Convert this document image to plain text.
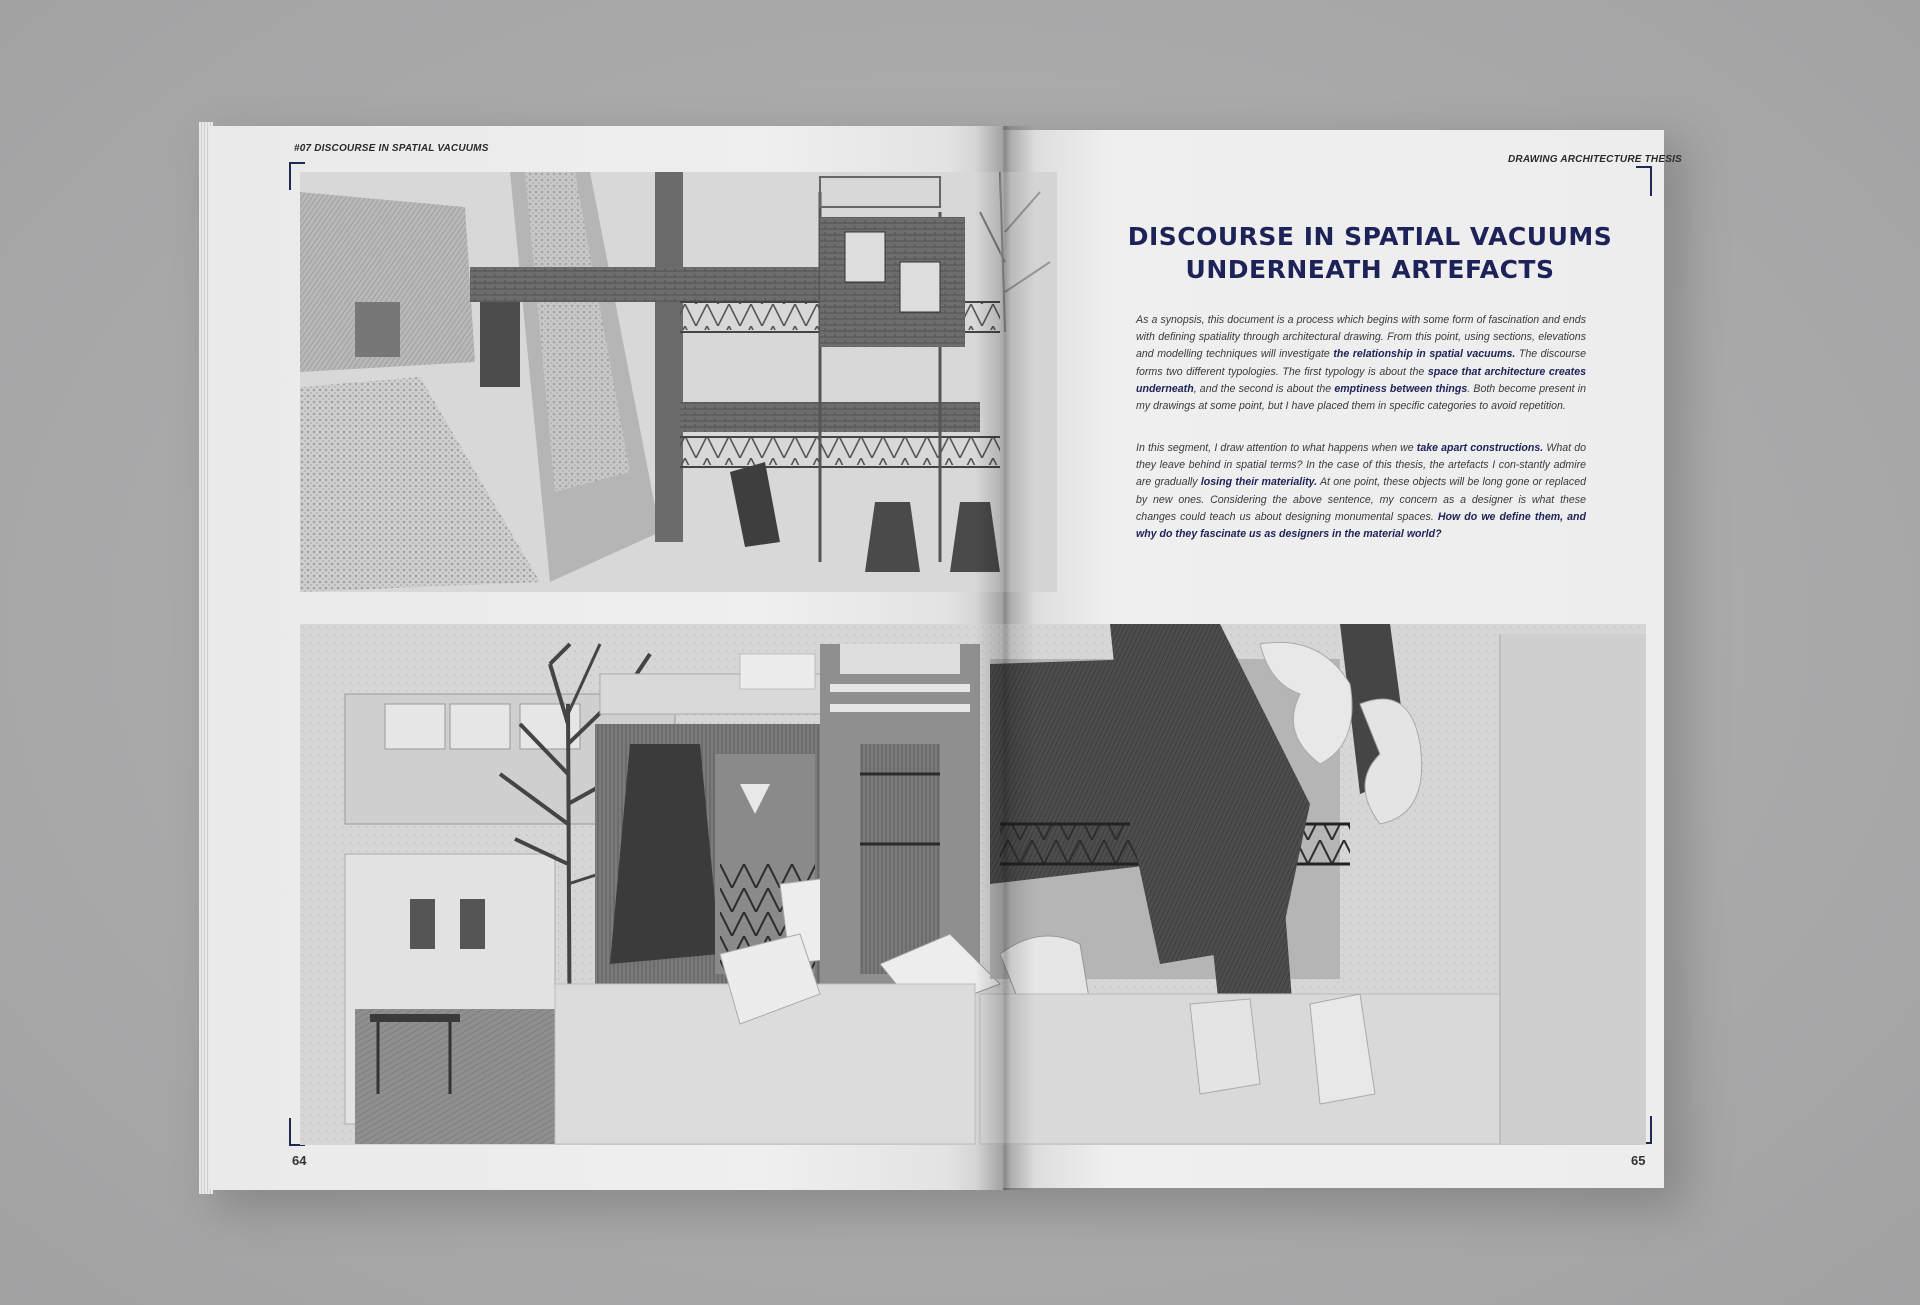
#07 DISCOURSE IN SPATIAL VACUUMS
DRAWING ARCHITECTURE THESIS
64	65
DISCOURSE IN SPATIAL VACUUMS
UNDERNEATH ARTEFACTS
As a synopsis, this document is a process which begins with some form of fascination and ends with defining spatiality through architectural drawing. From this point, using sections, elevations and modelling techniques will investigate the relationship in spatial vacuums. The discourse forms two different typologies. The first typology is about the space that architecture creates underneath, and the second is about the emptiness between things. Both become present in my drawings at some point, but I have placed them in specific categories to avoid repetition.
In this segment, I draw attention to what happens when we take apart constructions. What do they leave behind in spatial terms? In the case of this thesis, the artefacts I con-stantly admire are gradually losing their materiality. At one point, these objects will be long gone or replaced by new ones. Considering the above sentence, my concern as a designer is what these changes could teach us about designing monumental spaces. How do we define them, and why do they fascinate us as designers in the material world?
